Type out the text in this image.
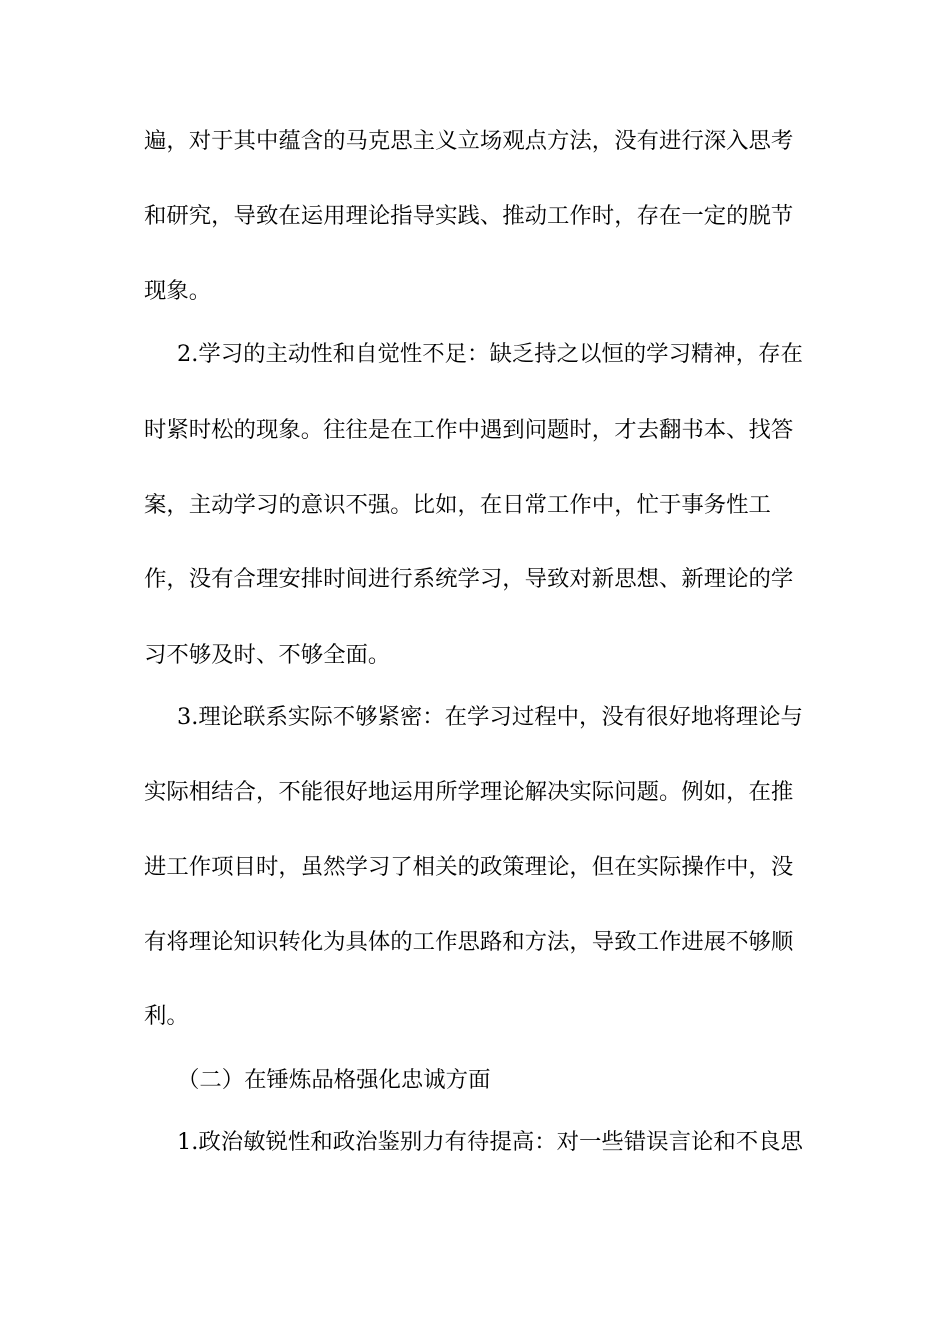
遍，对于其中蕴含的马克思主义立场观点方法，没有进行深入思考
和研究，导致在运用理论指导实践、推动工作时，存在一定的脱节
现象。
2.学习的主动性和自觉性不足：缺乏持之以恒的学习精神，存在
时紧时松的现象。往往是在工作中遇到问题时，才去翻书本、找答
案，主动学习的意识不强。比如，在日常工作中，忙于事务性工
作，没有合理安排时间进行系统学习，导致对新思想、新理论的学
习不够及时、不够全面。
3.理论联系实际不够紧密：在学习过程中，没有很好地将理论与
实际相结合，不能很好地运用所学理论解决实际问题。例如，在推
进工作项目时，虽然学习了相关的政策理论，但在实际操作中，没
有将理论知识转化为具体的工作思路和方法，导致工作进展不够顺
利。
（二）在锤炼品格强化忠诚方面
1.政治敏锐性和政治鉴别力有待提高：对一些错误言论和不良思
